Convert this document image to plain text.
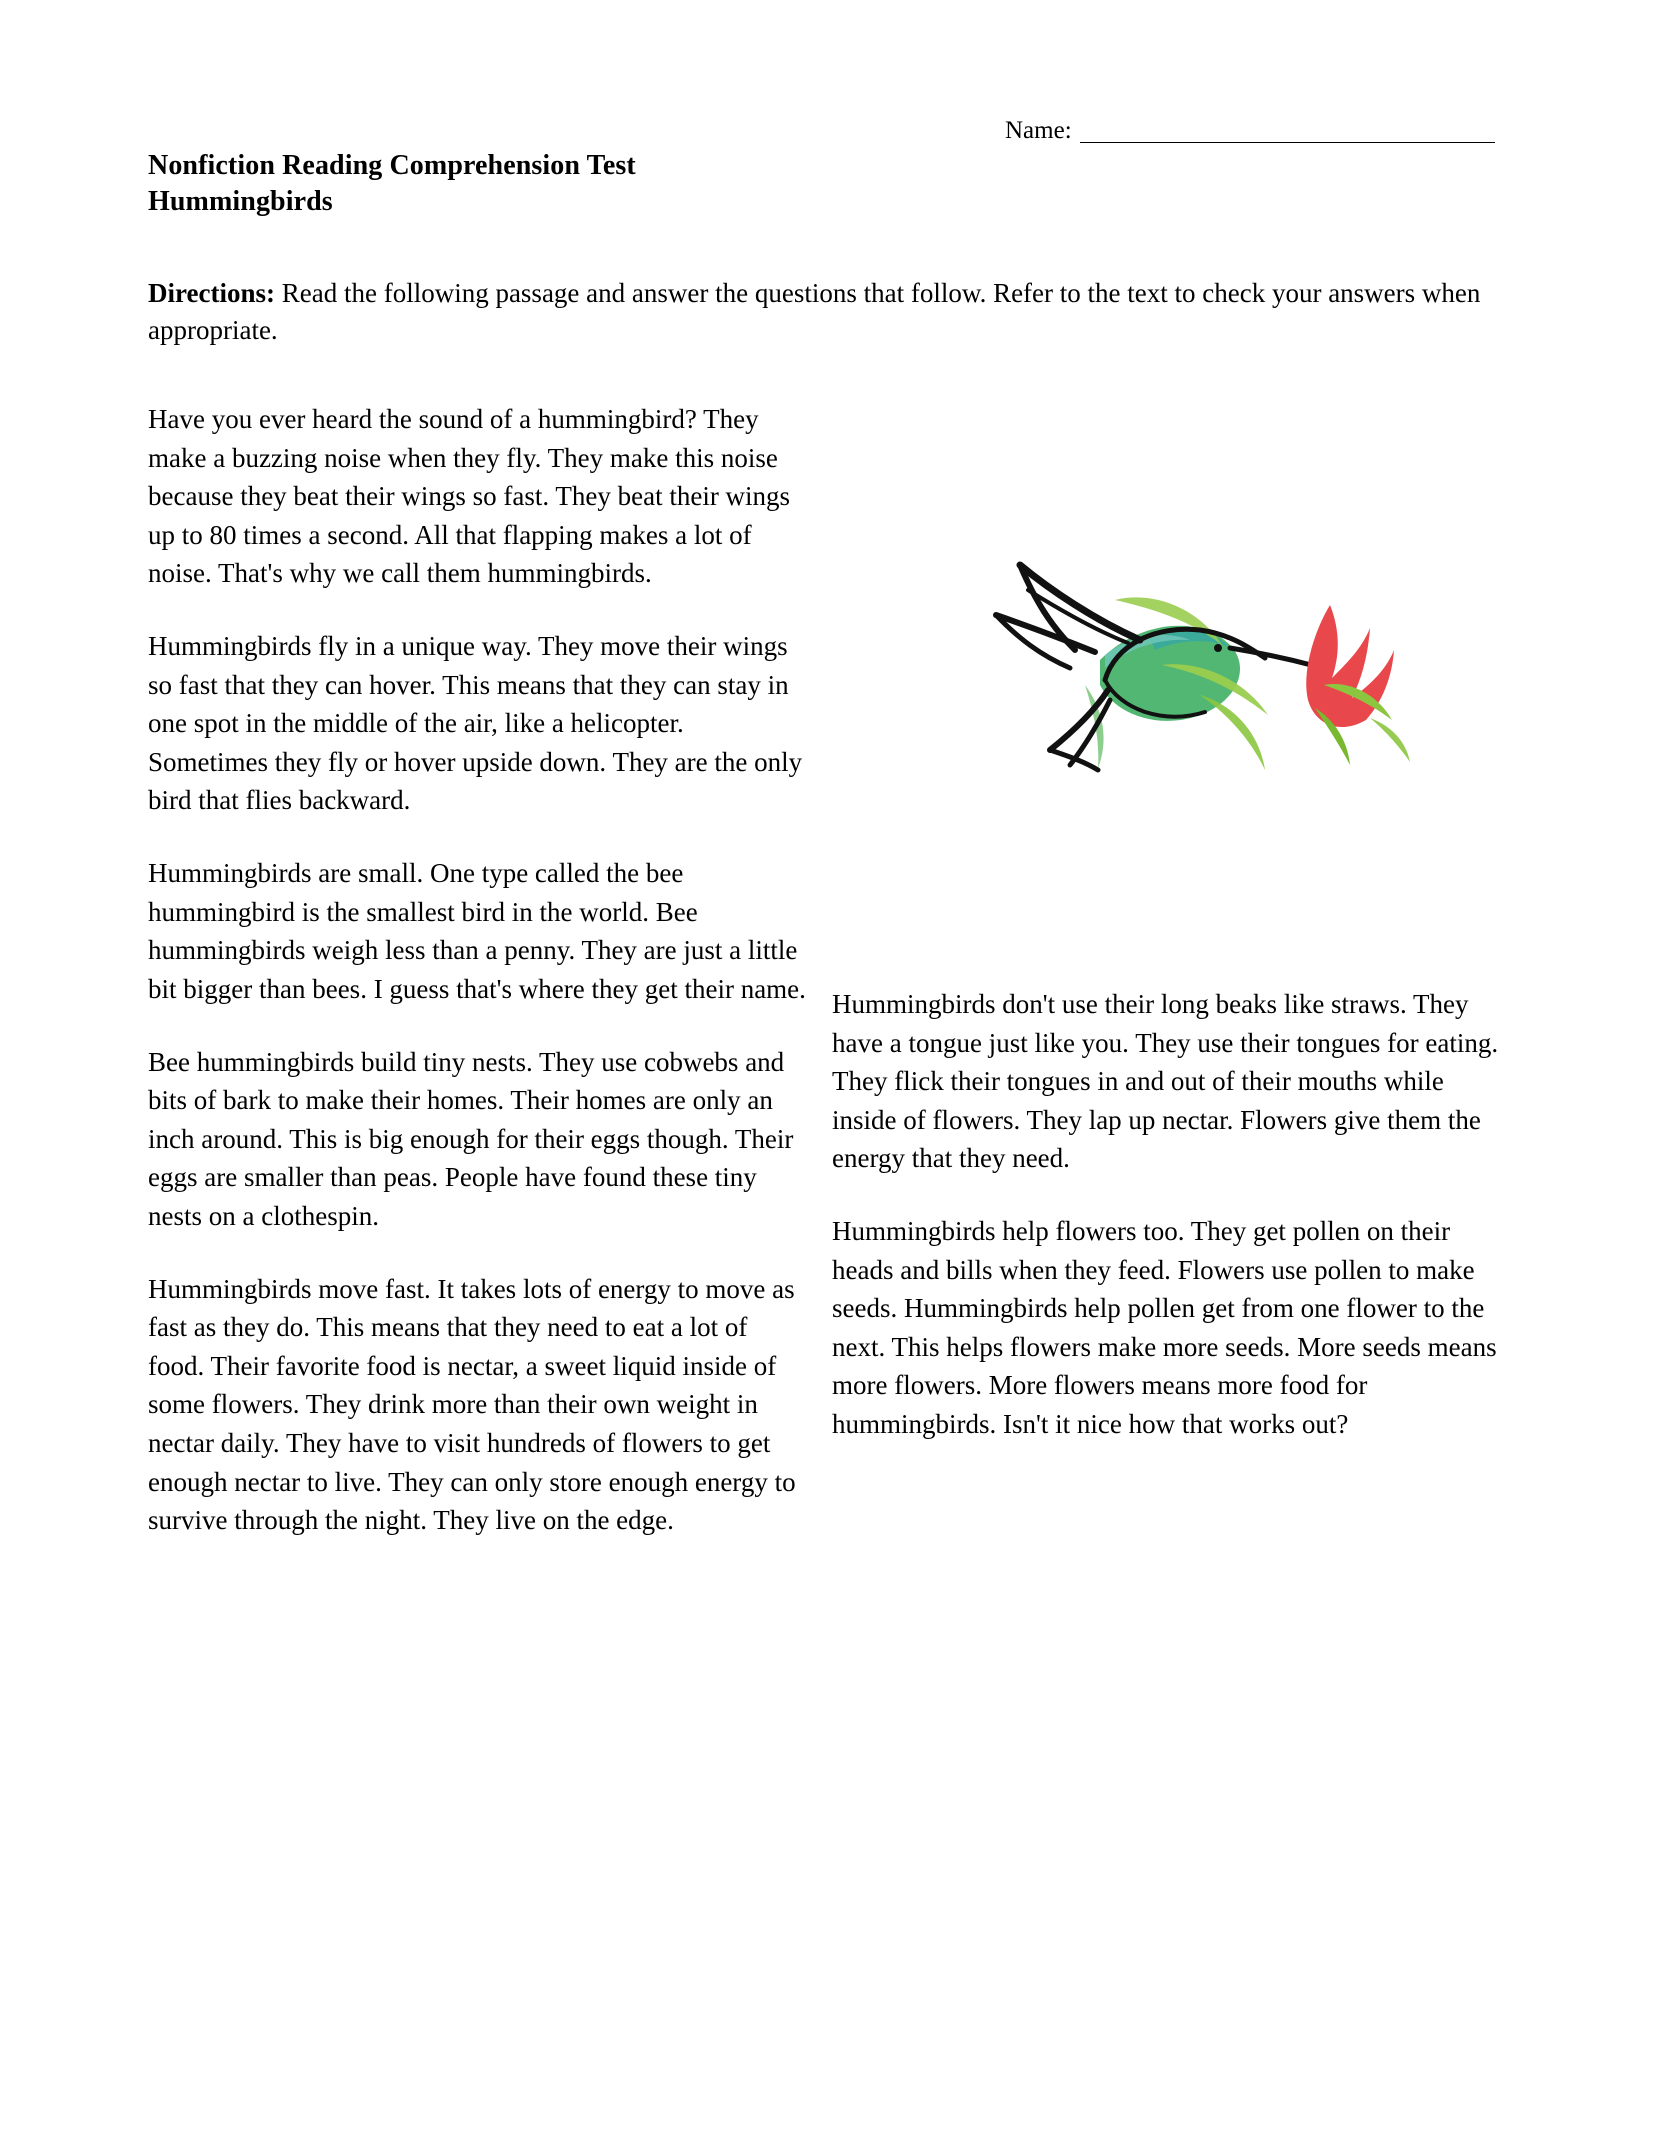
Name:
Nonfiction Reading Comprehension Test
Hummingbirds
Directions: Read the following passage and answer the questions that follow. Refer to the text to check your answers when appropriate.

Have you ever heard the sound of a hummingbird? They make a buzzing noise when they fly. They make this noise because they beat their wings so fast. They beat their wings up to 80 times a second. All that flapping makes a lot of noise. That's why we call them hummingbirds.

Hummingbirds fly in a unique way. They move their wings so fast that they can hover. This means that they can stay in one spot in the middle of the air, like a helicopter. Sometimes they fly or hover upside down. They are the only bird that flies backward.

Hummingbirds are small. One type called the bee hummingbird is the smallest bird in the world. Bee hummingbirds weigh less than a penny. They are just a little bit bigger than bees. I guess that's where they get their name.

Bee hummingbirds build tiny nests. They use cobwebs and bits of bark to make their homes. Their homes are only an inch around. This is big enough for their eggs though. Their eggs are smaller than peas. People have found these tiny nests on a clothespin.

Hummingbirds move fast. It takes lots of energy to move as fast as they do. This means that they need to eat a lot of food. Their favorite food is nectar, a sweet liquid inside of some flowers. They drink more than their own weight in nectar daily. They have to visit hundreds of flowers to get enough nectar to live. They can only store enough energy to survive through the night. They live on the edge.

Hummingbirds don't use their long beaks like straws. They have a tongue just like you. They use their tongues for eating. They flick their tongues in and out of their mouths while inside of flowers. They lap up nectar. Flowers give them the energy that they need.

Hummingbirds help flowers too. They get pollen on their heads and bills when they feed. Flowers use pollen to make seeds. Hummingbirds help pollen get from one flower to the next. This helps flowers make more seeds. More seeds means more flowers. More flowers means more food for hummingbirds. Isn't it nice how that works out?
